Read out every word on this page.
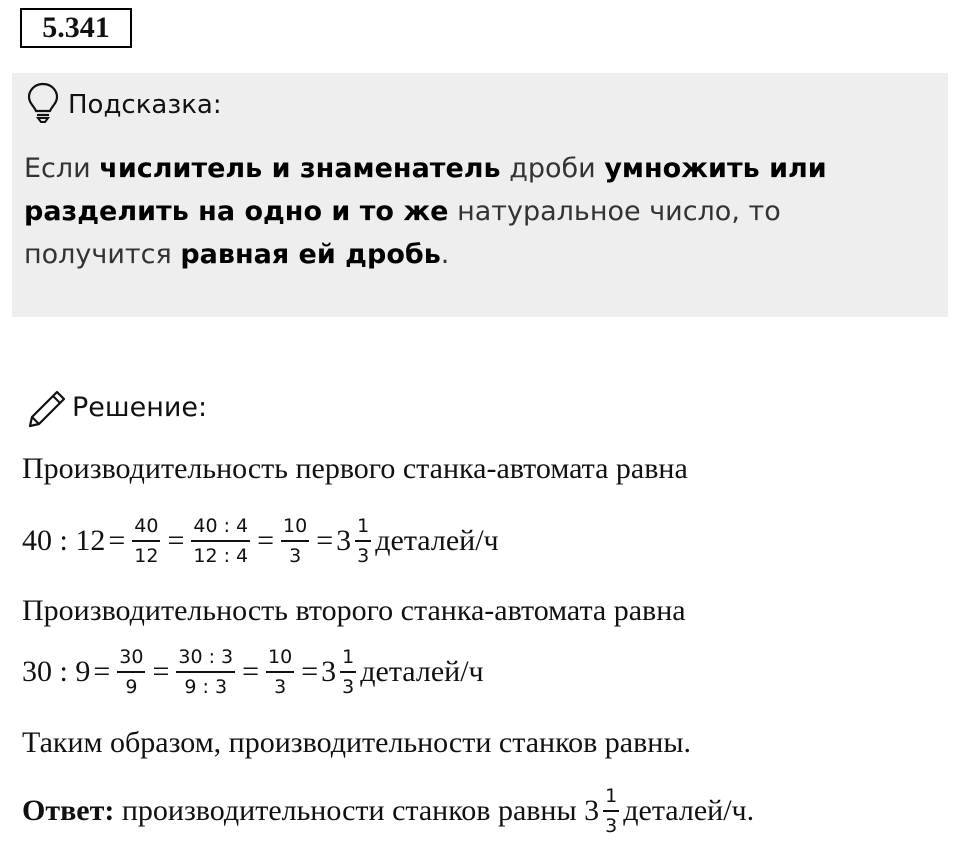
5.341
Подсказка:
Если числитель и знаменатель дроби умножить или разделить на одно и то же натуральное число, то получится равная ей дробь.
Решение:
Производительность первого станка-автомата равна
40 : $12 = \frac{40}{12} = \frac{40 : 4}{12 : 4} = \frac{10}{3} = 3 \frac{1}{3}$ деталей/ч
Производительность второго станка-автомата равна
30 : $9 = \frac{30}{9} = \frac{30 : 3}{9 : 3} = \frac{10}{3} = 3 \frac{1}{3}$ деталей/ч
Таким образом, производительности станков равны.
Ответ: производительности станков равны $3 \frac{1}{3}$ деталей/ч.
